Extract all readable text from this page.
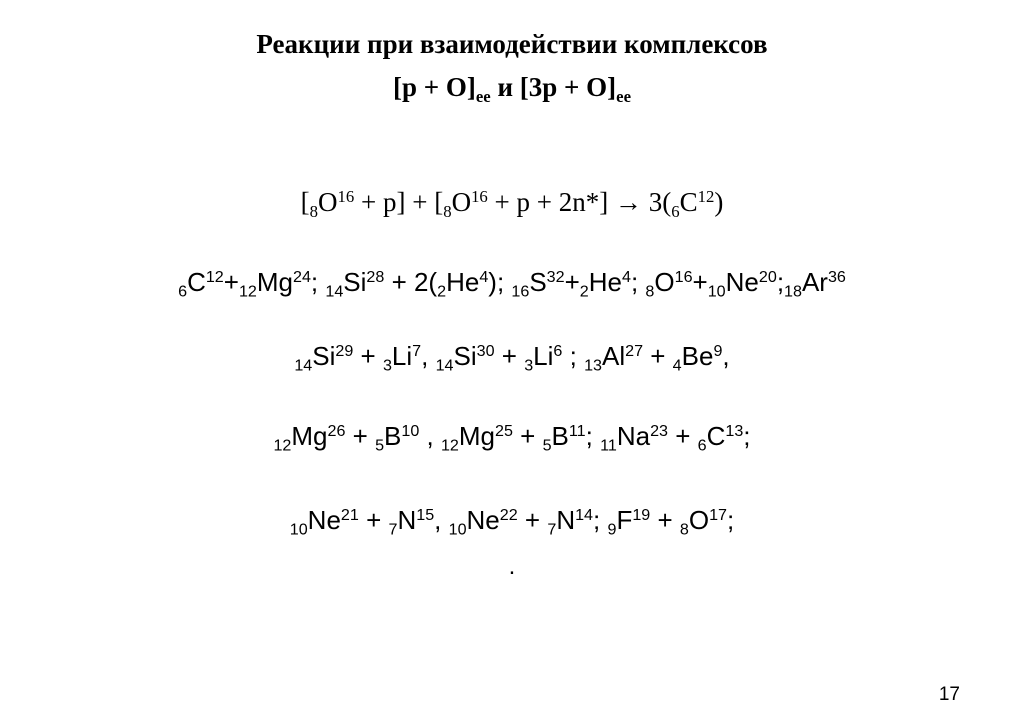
Реакции при взаимодействии комплексов
$[p + O]_{ee}$ и $[3p + O]_{ee}$
$[_8O^{16} + p] + [_8O^{16} + p + 2n*] \to 3(_6C^{12})$
$_6C^{12}+_{12}Mg^{24}$; $_{14}Si^{28} + 2(_2He^4)$; $_{16}S^{32}+_2He^4$; $_8O^{16}+_{10}Ne^{20};_{18}Ar^{36}$
$_{14}Si^{29} + _3Li^7$, $_{14}Si^{30} + _3Li^6$ ; $_{13}Al^{27} + _4Be^9$,
$_{12}Mg^{26} + _5B^{10}$ , $_{12}Mg^{25} + _5B^{11}$; $_{11}Na^{23} + _6C^{13}$;
$_{10}Ne^{21} + _7N^{15}$, $_{10}Ne^{22} + _7N^{14}$; $_9F^{19} + _8O^{17}$;
.
17
